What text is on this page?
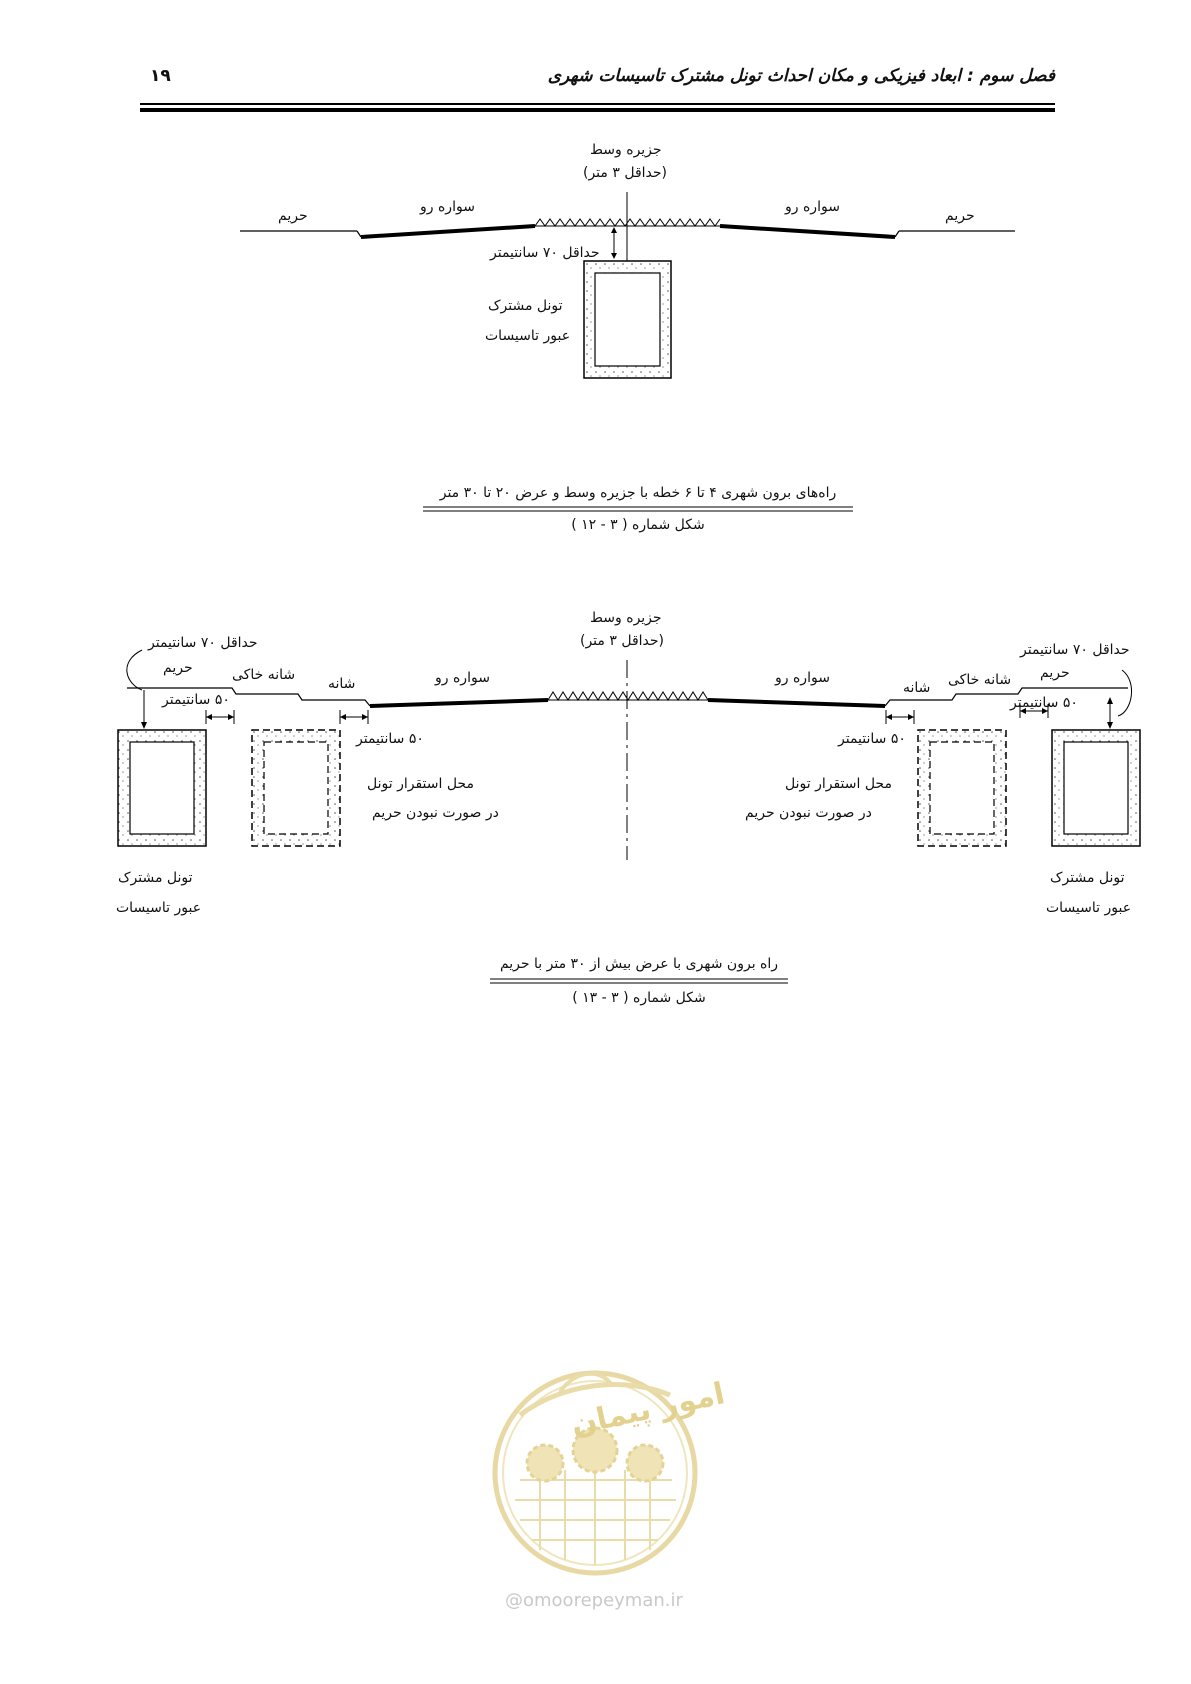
فصل سوم : ابعاد فیزیکی و مکان احداث تونل مشترک تاسیسات شهری
۱۹
جزیره وسط
(حداقل ۳ متر)
حریم
سواره رو	سواره رو
حریم
حداقل ۷۰ سانتیمتر
تونل مشترک
عبور تاسیسات
راه‌های برون شهری ۴ تا ۶ خطه با جزیره وسط و عرض ۲۰ تا ۳۰ متر
شکل شماره ( ۳ - ۱۲ )
جزیره وسط
(حداقل ۳ متر)
حداقل ۷۰ سانتیمتر
حریم	شانه خاکی
شانه	سواره رو
۵۰ سانتیمتر
۵۰ سانتیمتر
محل استقرار تونل
در صورت نبودن حریم
تونل مشترک
عبور تاسیسات
حداقل ۷۰ سانتیمتر
حریم
شانه خاکی
شانه
سواره رو
۵۰ سانتیمتر
۵۰ سانتیمتر
محل استقرار تونل
در صورت نبودن حریم
تونل مشترک
عبور تاسیسات
راه برون شهری با عرض بیش از ۳۰ متر با حریم
شکل شماره ( ۳ - ۱۳ )
امور پیمان
@omoorepeyman.ir
